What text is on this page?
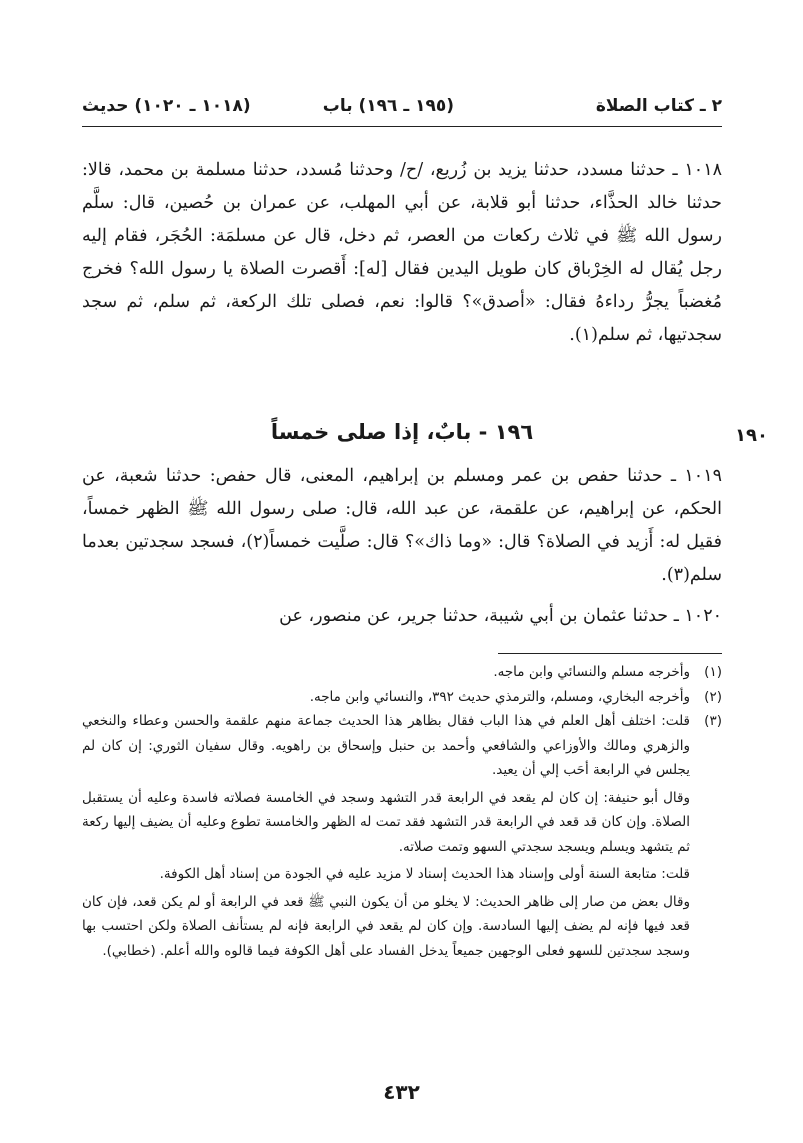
٢ ـ كتاب الصلاة
(١٩٥ ـ ١٩٦) باب
(١٠١٨ ـ ١٠٢٠) حديث
١٠١٨ ـ حدثنا مسدد، حدثنا يزيد بن زُريع، /ح/ وحدثنا مُسدد، حدثنا مسلمة بن محمد، قالا: حدثنا خالد الحذَّاء، حدثنا أبو قلابة، عن أبي المهلب، عن عمران بن حُصين، قال: سلَّم رسول الله ﷺ في ثلاث ركعات من العصر، ثم دخل، قال عن مسلمَة: الحُجَر، فقام إليه رجل يُقال له الخِرْباق كان طويل اليدين فقال [له]: أَقصرت الصلاة يا رسول الله؟ فخرج مُغضباً يجرُّ رداءهُ فقال: «أصدق»؟ قالوا: نعم، فصلى تلك الركعة، ثم سلم، ثم سجد سجدتيها، ثم سلم(١).
١٩٠
١٩٦ - بابٌ، إذا صلى خمساً
١٠١٩ ـ حدثنا حفص بن عمر ومسلم بن إبراهيم، المعنى، قال حفص: حدثنا شعبة، عن الحكم، عن إبراهيم، عن علقمة، عن عبد الله، قال: صلى رسول الله ﷺ الظهر خمساً، فقيل له: أَزيد في الصلاة؟ قال: «وما ذاك»؟ قال: صلَّيت خمساً(٢)، فسجد سجدتين بعدما سلم(٣).
١٠٢٠ ـ حدثنا عثمان بن أبي شيبة، حدثنا جرير، عن منصور، عن
(١)
وأخرجه مسلم والنسائي وابن ماجه.
(٢)
وأخرجه البخاري، ومسلم، والترمذي حديث ٣٩٢، والنسائي وابن ماجه.
(٣)
قلت: اختلف أهل العلم في هذا الباب فقال بظاهر هذا الحديث جماعة منهم علقمة والحسن وعطاء والنخعي والزهري ومالك والأوزاعي والشافعي وأحمد بن حنبل وإسحاق بن راهويه. وقال سفيان الثوري: إن كان لم يجلس في الرابعة أحَب إلي أن يعيد.
وقال أبو حنيفة: إن كان لم يقعد في الرابعة قدر التشهد وسجد في الخامسة فصلاته فاسدة وعليه أن يستقبل الصلاة. وإن كان قد قعد في الرابعة قدر التشهد فقد تمت له الظهر والخامسة تطوع وعليه أن يضيف إليها ركعة ثم يتشهد ويسلم ويسجد سجدتي السهو وتمت صلاته.
قلت: متابعة السنة أولى وإسناد هذا الحديث إسناد لا مزيد عليه في الجودة من إسناد أهل الكوفة.
وقال بعض من صار إلى ظاهر الحديث: لا يخلو من أن يكون النبي ﷺ قعد في الرابعة أو لم يكن قعد، فإن كان قعد فيها فإنه لم يضف إليها السادسة. وإن كان لم يقعد في الرابعة فإنه لم يستأنف الصلاة ولكن احتسب بها وسجد سجدتين للسهو فعلى الوجهين جميعاً يدخل الفساد على أهل الكوفة فيما قالوه والله أعلم. (خطابي).
٤٣٢
